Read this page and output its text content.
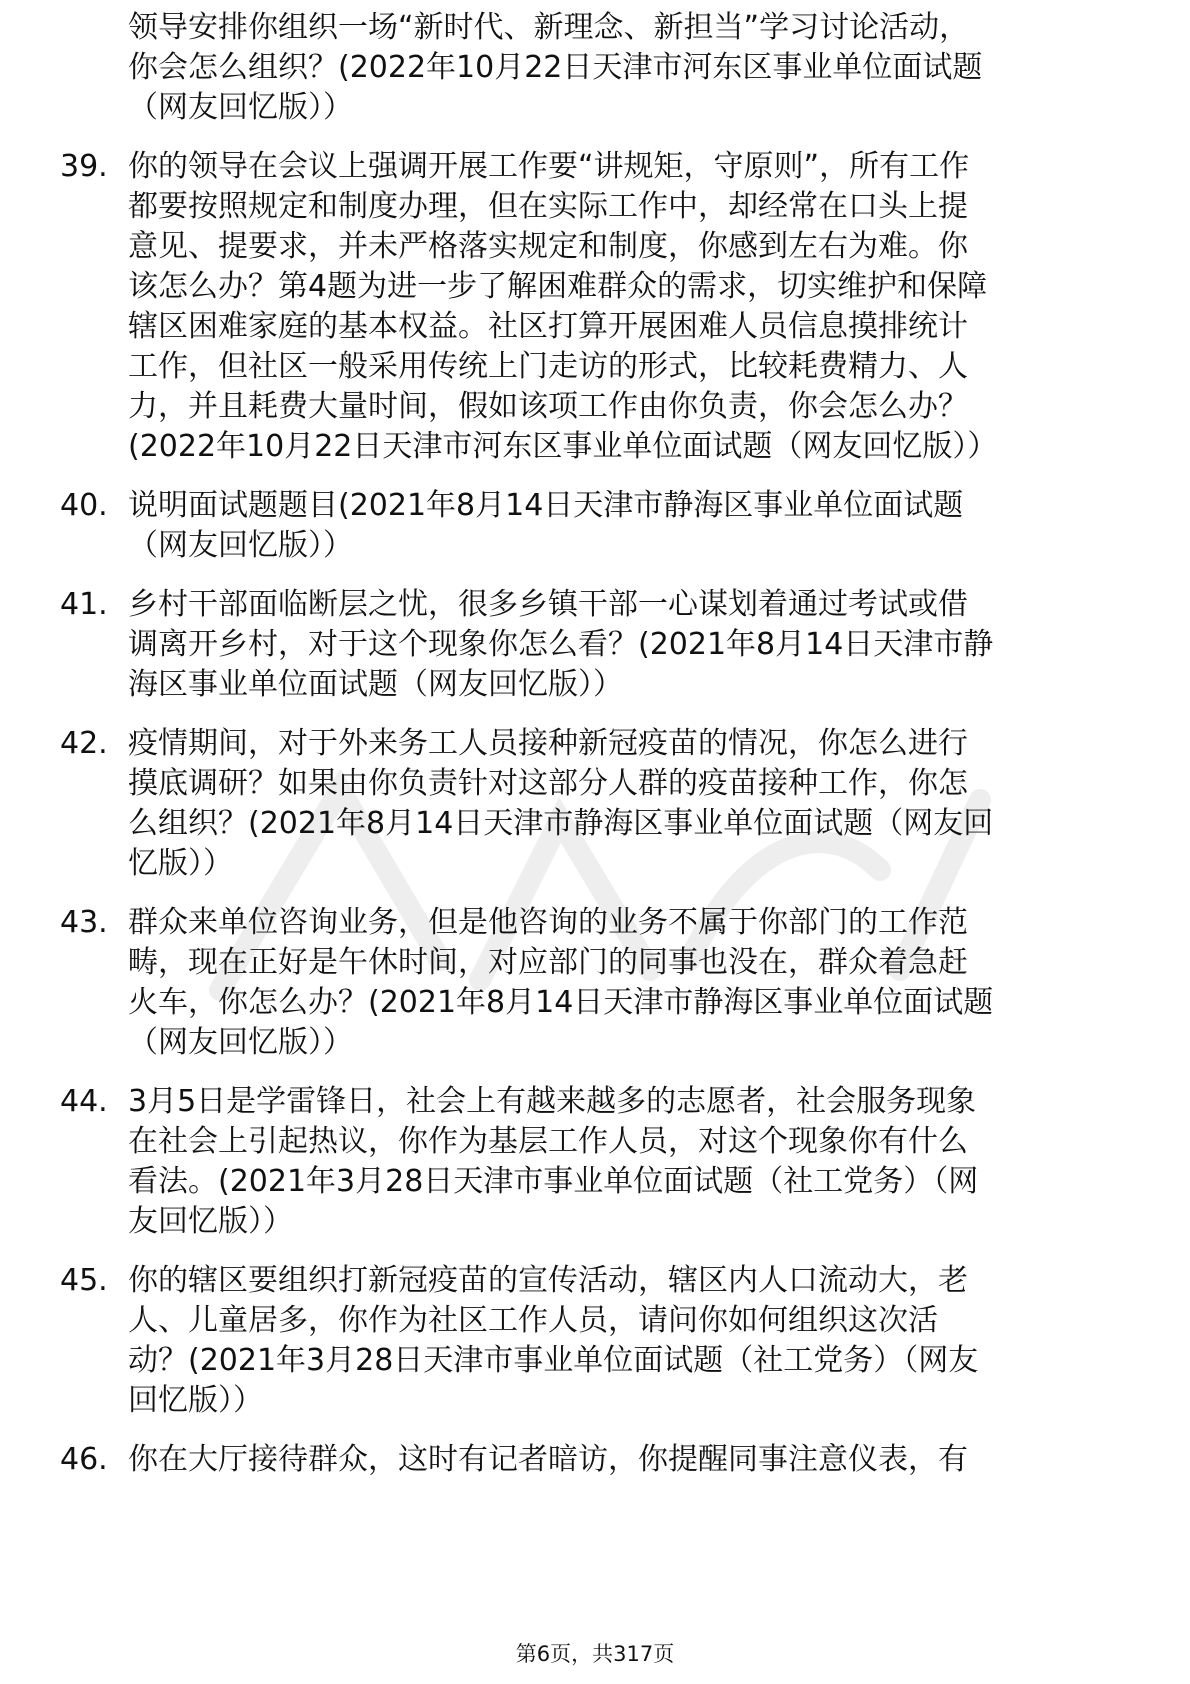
领导安排你组织一场“新时代、新理念、新担当”学习讨论活动，
你会怎么组织？(2022年10月22日天津市河东区事业单位面试题
（网友回忆版））
39. 你的领导在会议上强调开展工作要“讲规矩，守原则”，所有工作
都要按照规定和制度办理，但在实际工作中，却经常在口头上提
意见、提要求，并未严格落实规定和制度，你感到左右为难。你
该怎么办？第4题为进一步了解困难群众的需求，切实维护和保障
辖区困难家庭的基本权益。社区打算开展困难人员信息摸排统计
工作，但社区一般采用传统上门走访的形式，比较耗费精力、人
力，并且耗费大量时间，假如该项工作由你负责，你会怎么办？
(2022年10月22日天津市河东区事业单位面试题（网友回忆版））
40. 说明面试题题目(2021年8月14日天津市静海区事业单位面试题
（网友回忆版））
41. 乡村干部面临断层之忧，很多乡镇干部一心谋划着通过考试或借
调离开乡村，对于这个现象你怎么看？(2021年8月14日天津市静
海区事业单位面试题（网友回忆版））
42. 疫情期间，对于外来务工人员接种新冠疫苗的情况，你怎么进行
摸底调研？如果由你负责针对这部分人群的疫苗接种工作，你怎
么组织？(2021年8月14日天津市静海区事业单位面试题（网友回
忆版））
43. 群众来单位咨询业务，但是他咨询的业务不属于你部门的工作范
畴，现在正好是午休时间，对应部门的同事也没在，群众着急赶
火车，你怎么办？(2021年8月14日天津市静海区事业单位面试题
（网友回忆版））
44. 3月5日是学雷锋日，社会上有越来越多的志愿者，社会服务现象
在社会上引起热议，你作为基层工作人员，对这个现象你有什么
看法。(2021年3月28日天津市事业单位面试题（社工党务）（网
友回忆版））
45. 你的辖区要组织打新冠疫苗的宣传活动，辖区内人口流动大，老
人、儿童居多，你作为社区工作人员，请问你如何组织这次活
动？(2021年3月28日天津市事业单位面试题（社工党务）（网友
回忆版））
46. 你在大厅接待群众，这时有记者暗访，你提醒同事注意仪表，有
第6页，共317页
